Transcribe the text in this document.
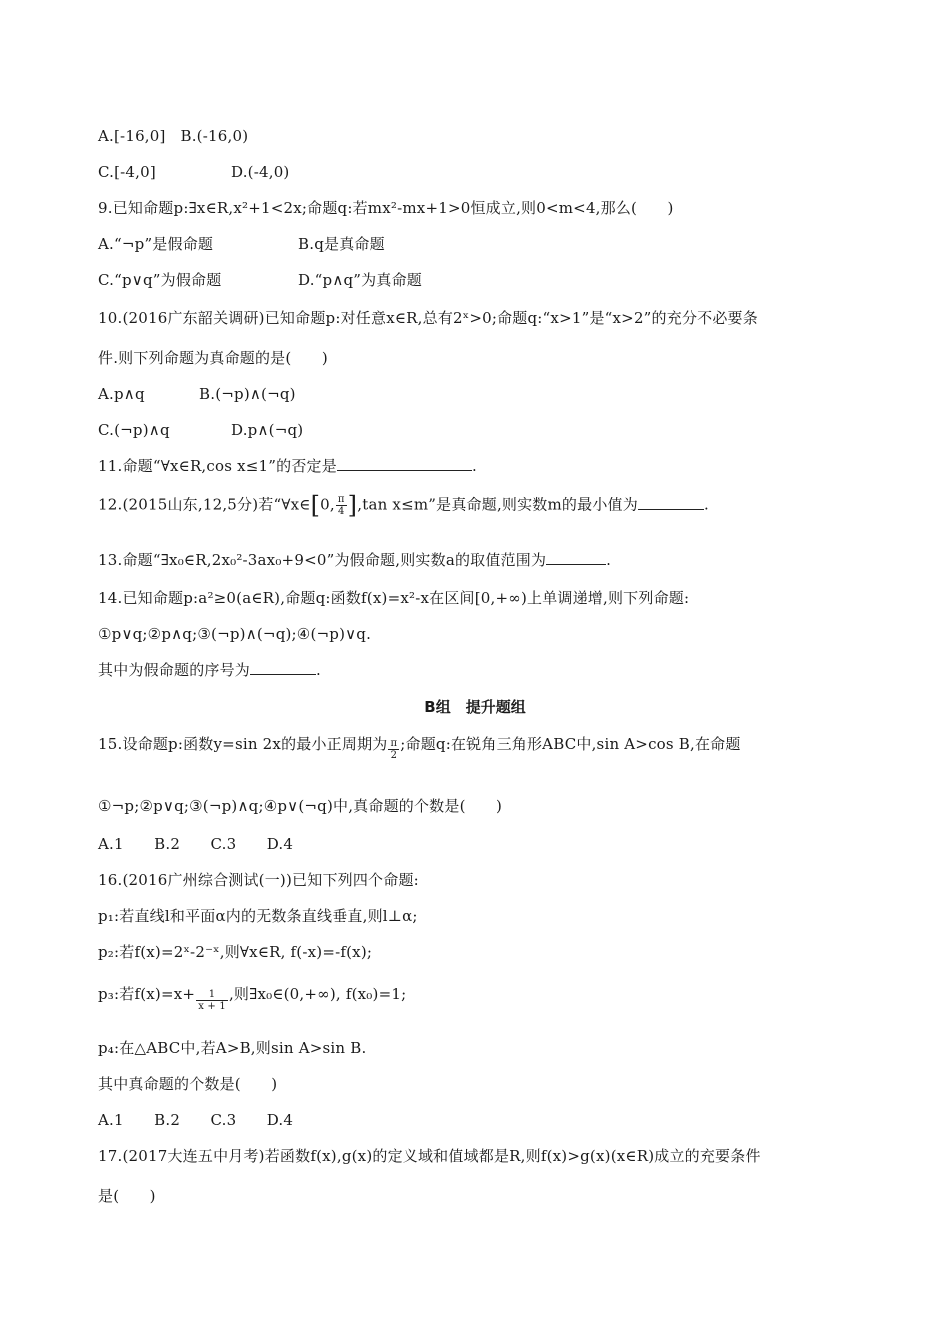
A.[-16,0] B.(-16,0)
C.[-4,0]	D.(-4,0)
9.已知命题p:∃x∈R,x²+1<2x;命题q:若mx²-mx+1>0恒成立,则0<m<4,那么(　　)
A.“¬p”是假命题	B.q是真命题
C.“p∨q”为假命题	D.“p∧q”为真命题
10.(2016广东韶关调研)已知命题p:对任意x∈R,总有2ˣ>0;命题q:“x>1”是“x>2”的充分不必要条
件.则下列命题为真命题的是(　　)
A.p∧q	B.(¬p)∧(¬q)
C.(¬p)∧q	D.p∧(¬q)
11.命题“∀x∈R,cos x≤1”的否定是	.
12.(2015山东,12,5分)若“∀x∈[0, $\frac{\pi}{4} ],\tan$ x≤m”是真命题,则实数m的最小值为	.
13.命题“∃x₀∈R,2x₀²-3ax₀+9<0”为假命题,则实数a的取值范围为	.
14.已知命题p:a²≥0(a∈R),命题q:函数f(x)=x²-x在区间[0,+∞)上单调递增,则下列命题:
①p∨q;②p∧q;③(¬p)∧(¬q);④(¬p)∨q.
其中为假命题的序号为	.
B组　提升题组
15.设命题p:函数y=sin 2x的最小正周期为 $\frac{\pi}{2}$ ;命题q:在锐角三角形ABC中,sin A>cos B,在命题
①¬p;②p∨q;③(¬p)∧q;④p∨(¬q)中,真命题的个数是(　　)
A.1　　B.2　　C.3　　D.4
16.(2016广州综合测试(一))已知下列四个命题:
p₁:若直线l和平面α内的无数条直线垂直,则l⊥α;
p₂:若f(x)=2ˣ-2⁻ˣ,则∀x∈R, f(-x)=-f(x);
p₃:若$f(x)=x+ \frac{1}{x + 1}$ ,则∃x₀∈(0,+∞), f(x₀)=1;
p₄:在△ABC中,若A>B,则sin A>sin B.
其中真命题的个数是(　　)
A.1　　B.2　　C.3　　D.4
17.(2017大连五中月考)若函数f(x),g(x)的定义域和值域都是R,则f(x)>g(x)(x∈R)成立的充要条件
是(　　)
